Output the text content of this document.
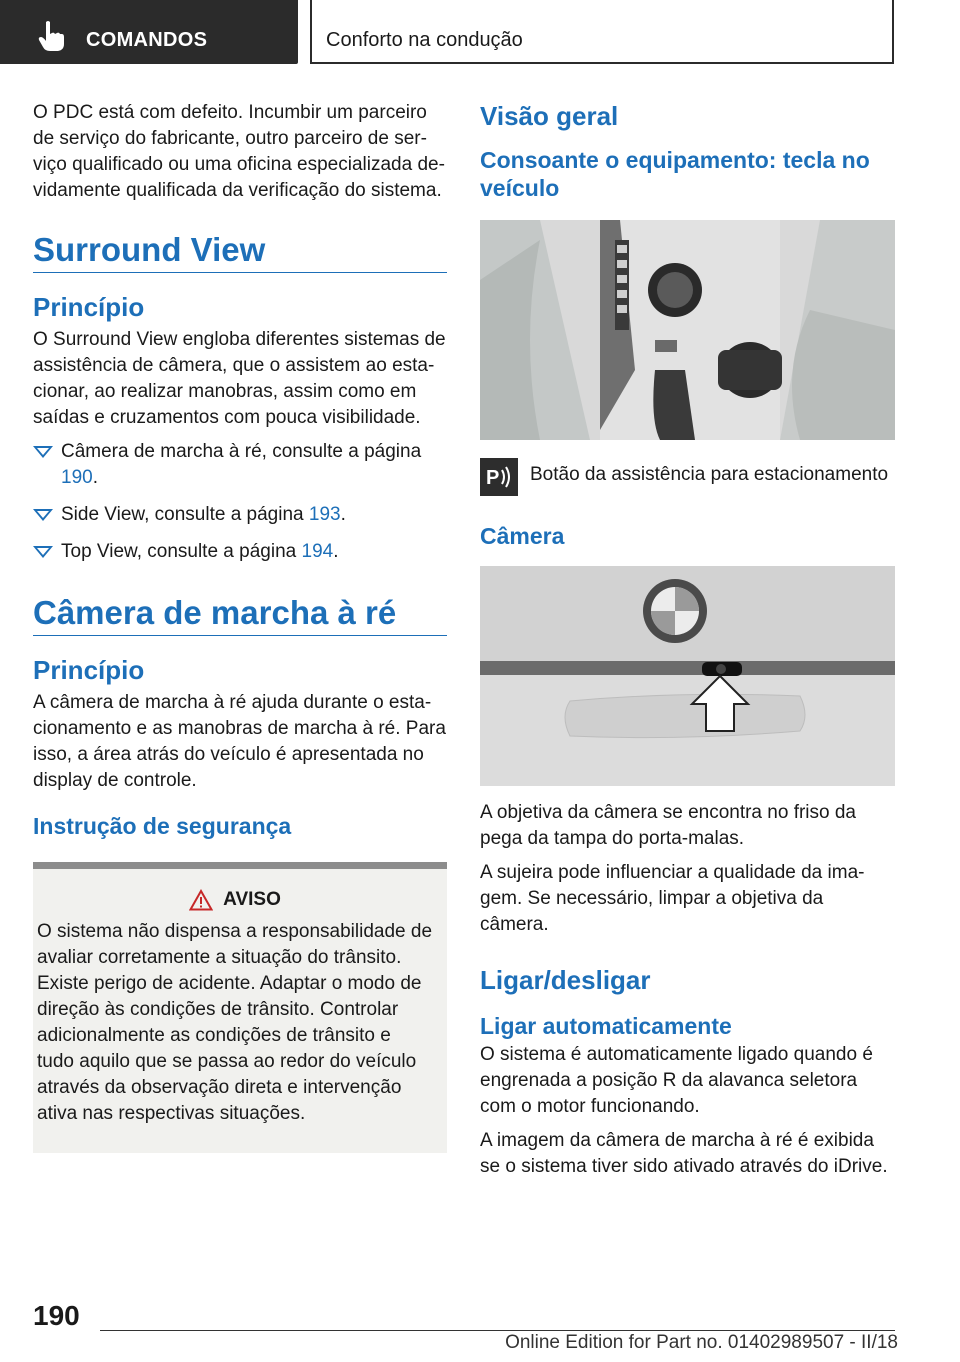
COMANDOS	Conforto na condução

O PDC está com defeito. Incumbir um parceiro de serviço do fabricante, outro parceiro de serviço qualificado ou uma oficina especializada devidamente qualificada da verificação do sistema.

Surround View
Princípio

O Surround View engloba diferentes sistemas de assistência de câmera, que o assistem ao estacionar, ao realizar manobras, assim como em saídas e cruzamentos com pouca visibilidade.

Câmera de marcha à ré, consulte a página 190.
Side View, consulte a página 193.
Top View, consulte a página 194.
Câmera de marcha à ré
Princípio

A câmera de marcha à ré ajuda durante o estacionamento e as manobras de marcha à ré. Para isso, a área atrás do veículo é apresentada no display de controle.

Instrução de segurança
AVISO

O sistema não dispensa a responsabilidade de avaliar corretamente a situação do trânsito. Existe perigo de acidente. Adaptar o modo de direção às condições de trânsito. Controlar adicionalmente as condições de trânsito e tudo aquilo que se passa ao redor do veículo através da observação direta e intervenção ativa nas respectivas situações.

Visão geral
Consoante o equipamento: tecla no veículo
P Botão da assistência para estacionamento
Câmera

A objetiva da câmera se encontra no friso da pega da tampa do porta-malas.

A sujeira pode influenciar a qualidade da imagem. Se necessário, limpar a objetiva da câmera.

Ligar/desligar
Ligar automaticamente

O sistema é automaticamente ligado quando é engrenada a posição R da alavanca seletora com o motor funcionando.

A imagem da câmera de marcha à ré é exibida se o sistema tiver sido ativado através do iDrive.

190
Online Edition for Part no. 01402989507 - II/18
